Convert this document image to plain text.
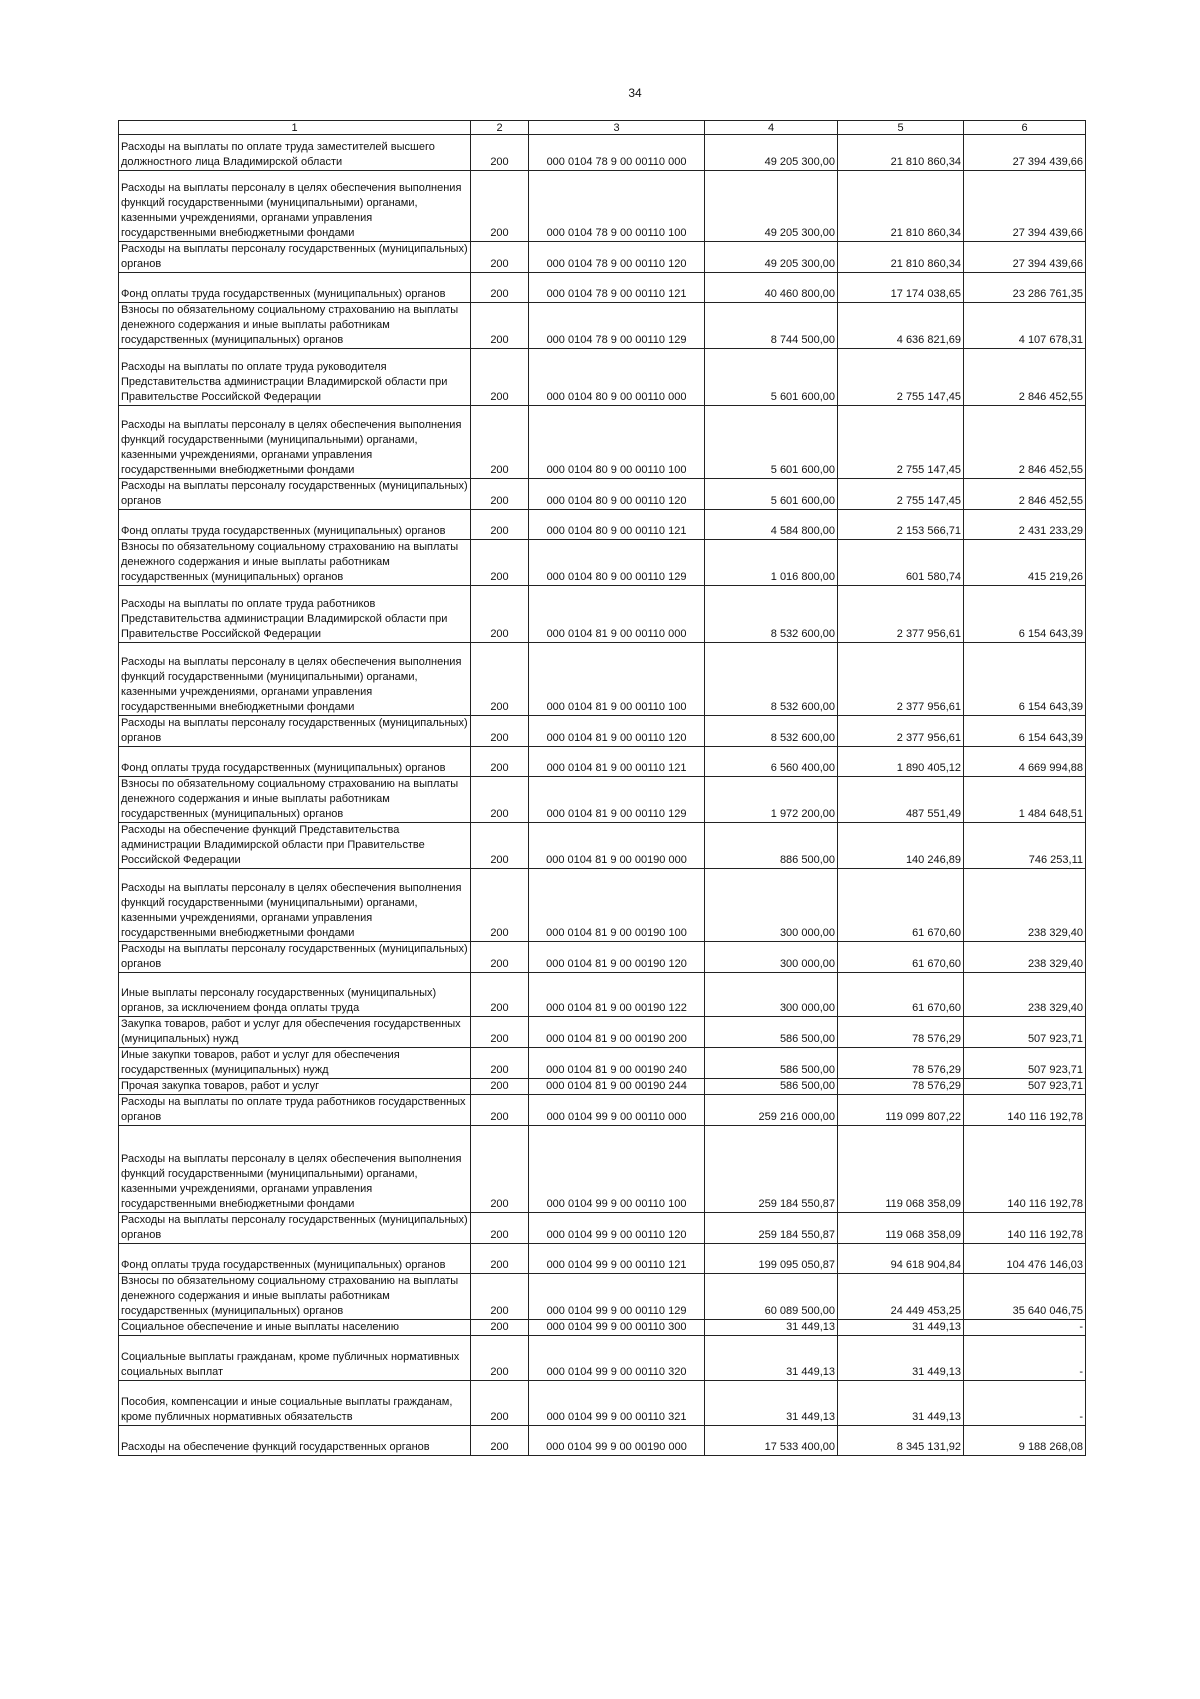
34
1	2	3	4	5	6
Расходы на выплаты по оплате труда заместителей высшего должностного лица Владимирской области	200	000 0104 78 9 00 00110 000	49 205 300,00	21 810 860,34	27 394 439,66
Расходы на выплаты персоналу в целях обеспечения выполнения функций государственными (муниципальными) органами, казенными учреждениями, органами управления государственными внебюджетными фондами	200	000 0104 78 9 00 00110 100	49 205 300,00	21 810 860,34	27 394 439,66
Расходы на выплаты персоналу государственных (муниципальных) органов	200	000 0104 78 9 00 00110 120	49 205 300,00	21 810 860,34	27 394 439,66
Фонд оплаты труда государственных (муниципальных) органов	200	000 0104 78 9 00 00110 121	40 460 800,00	17 174 038,65	23 286 761,35
Взносы по обязательному социальному страхованию на выплаты денежного содержания и иные выплаты работникам государственных (муниципальных) органов	200	000 0104 78 9 00 00110 129	8 744 500,00	4 636 821,69	4 107 678,31
Расходы на выплаты по оплате труда руководителя Представительства администрации Владимирской области при Правительстве Российской Федерации	200	000 0104 80 9 00 00110 000	5 601 600,00	2 755 147,45	2 846 452,55
Расходы на выплаты персоналу в целях обеспечения выполнения функций государственными (муниципальными) органами, казенными учреждениями, органами управления государственными внебюджетными фондами	200	000 0104 80 9 00 00110 100	5 601 600,00	2 755 147,45	2 846 452,55
Расходы на выплаты персоналу государственных (муниципальных) органов	200	000 0104 80 9 00 00110 120	5 601 600,00	2 755 147,45	2 846 452,55
Фонд оплаты труда государственных (муниципальных) органов	200	000 0104 80 9 00 00110 121	4 584 800,00	2 153 566,71	2 431 233,29
Взносы по обязательному социальному страхованию на выплаты денежного содержания и иные выплаты работникам государственных (муниципальных) органов	200	000 0104 80 9 00 00110 129	1 016 800,00	601 580,74	415 219,26
Расходы на выплаты по оплате труда работников Представительства администрации Владимирской области при Правительстве Российской Федерации	200	000 0104 81 9 00 00110 000	8 532 600,00	2 377 956,61	6 154 643,39
Расходы на выплаты персоналу в целях обеспечения выполнения функций государственными (муниципальными) органами, казенными учреждениями, органами управления государственными внебюджетными фондами	200	000 0104 81 9 00 00110 100	8 532 600,00	2 377 956,61	6 154 643,39
Расходы на выплаты персоналу государственных (муниципальных) органов	200	000 0104 81 9 00 00110 120	8 532 600,00	2 377 956,61	6 154 643,39
Фонд оплаты труда государственных (муниципальных) органов	200	000 0104 81 9 00 00110 121	6 560 400,00	1 890 405,12	4 669 994,88
Взносы по обязательному социальному страхованию на выплаты денежного содержания и иные выплаты работникам государственных (муниципальных) органов	200	000 0104 81 9 00 00110 129	1 972 200,00	487 551,49	1 484 648,51
Расходы на обеспечение функций Представительства администрации Владимирской области при Правительстве Российской Федерации	200	000 0104 81 9 00 00190 000	886 500,00	140 246,89	746 253,11
Расходы на выплаты персоналу в целях обеспечения выполнения функций государственными (муниципальными) органами, казенными учреждениями, органами управления государственными внебюджетными фондами	200	000 0104 81 9 00 00190 100	300 000,00	61 670,60	238 329,40
Расходы на выплаты персоналу государственных (муниципальных) органов	200	000 0104 81 9 00 00190 120	300 000,00	61 670,60	238 329,40
Иные выплаты персоналу государственных (муниципальных) органов, за исключением фонда оплаты труда	200	000 0104 81 9 00 00190 122	300 000,00	61 670,60	238 329,40
Закупка товаров, работ и услуг для обеспечения государственных (муниципальных) нужд	200	000 0104 81 9 00 00190 200	586 500,00	78 576,29	507 923,71
Иные закупки товаров, работ и услуг для обеспечения государственных (муниципальных) нужд	200	000 0104 81 9 00 00190 240	586 500,00	78 576,29	507 923,71
Прочая закупка товаров, работ и услуг	200	000 0104 81 9 00 00190 244	586 500,00	78 576,29	507 923,71
Расходы на выплаты по оплате труда работников государственных органов	200	000 0104 99 9 00 00110 000	259 216 000,00	119 099 807,22	140 116 192,78
Расходы на выплаты персоналу в целях обеспечения выполнения функций государственными (муниципальными) органами, казенными учреждениями, органами управления государственными внебюджетными фондами	200	000 0104 99 9 00 00110 100	259 184 550,87	119 068 358,09	140 116 192,78
Расходы на выплаты персоналу государственных (муниципальных) органов	200	000 0104 99 9 00 00110 120	259 184 550,87	119 068 358,09	140 116 192,78
Фонд оплаты труда государственных (муниципальных) органов	200	000 0104 99 9 00 00110 121	199 095 050,87	94 618 904,84	104 476 146,03
Взносы по обязательному социальному страхованию на выплаты денежного содержания и иные выплаты работникам государственных (муниципальных) органов	200	000 0104 99 9 00 00110 129	60 089 500,00	24 449 453,25	35 640 046,75
Социальное обеспечение и иные выплаты населению	200	000 0104 99 9 00 00110 300	31 449,13	31 449,13	-
Социальные выплаты гражданам, кроме публичных нормативных социальных выплат	200	000 0104 99 9 00 00110 320	31 449,13	31 449,13	-
Пособия, компенсации и иные социальные выплаты гражданам, кроме публичных нормативных обязательств	200	000 0104 99 9 00 00110 321	31 449,13	31 449,13	-
Расходы на обеспечение функций государственных органов	200	000 0104 99 9 00 00190 000	17 533 400,00	8 345 131,92	9 188 268,08
